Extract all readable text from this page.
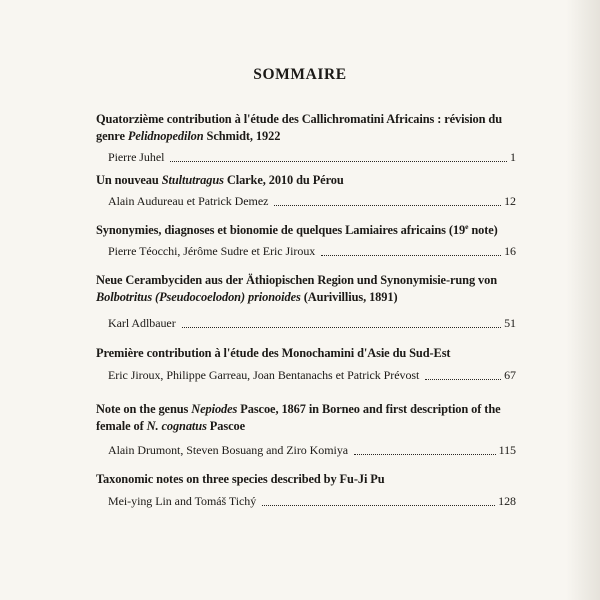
SOMMAIRE

Quatorzième contribution à l'étude des Callichromatini Africains : révision du genre Pelidnopedilon Schmidt, 1922

Pierre Juhel	1

Un nouveau Stultutragus Clarke, 2010 du Pérou

Alain Audureau et Patrick Demez	12

Synonymies, diagnoses et bionomie de quelques Lamiaires africains (19e note)

Pierre Téocchi, Jérôme Sudre et Eric Jiroux	16

Neue Cerambyciden aus der Äthiopischen Region und Synonymisie-rung von Bolbotritus (Pseudocoelodon) prionoides (Aurivillius, 1891)

Karl Adlbauer	51

Première contribution à l'étude des Monochamini d'Asie du Sud-Est

Eric Jiroux, Philippe Garreau, Joan Bentanachs et Patrick Prévost	67

Note on the genus Nepiodes Pascoe, 1867 in Borneo and first description of the female of N. cognatus Pascoe

Alain Drumont, Steven Bosuang and Ziro Komiya	115

Taxonomic notes on three species described by Fu-Ji Pu

Mei-ying Lin and Tomáš Tichý	128
